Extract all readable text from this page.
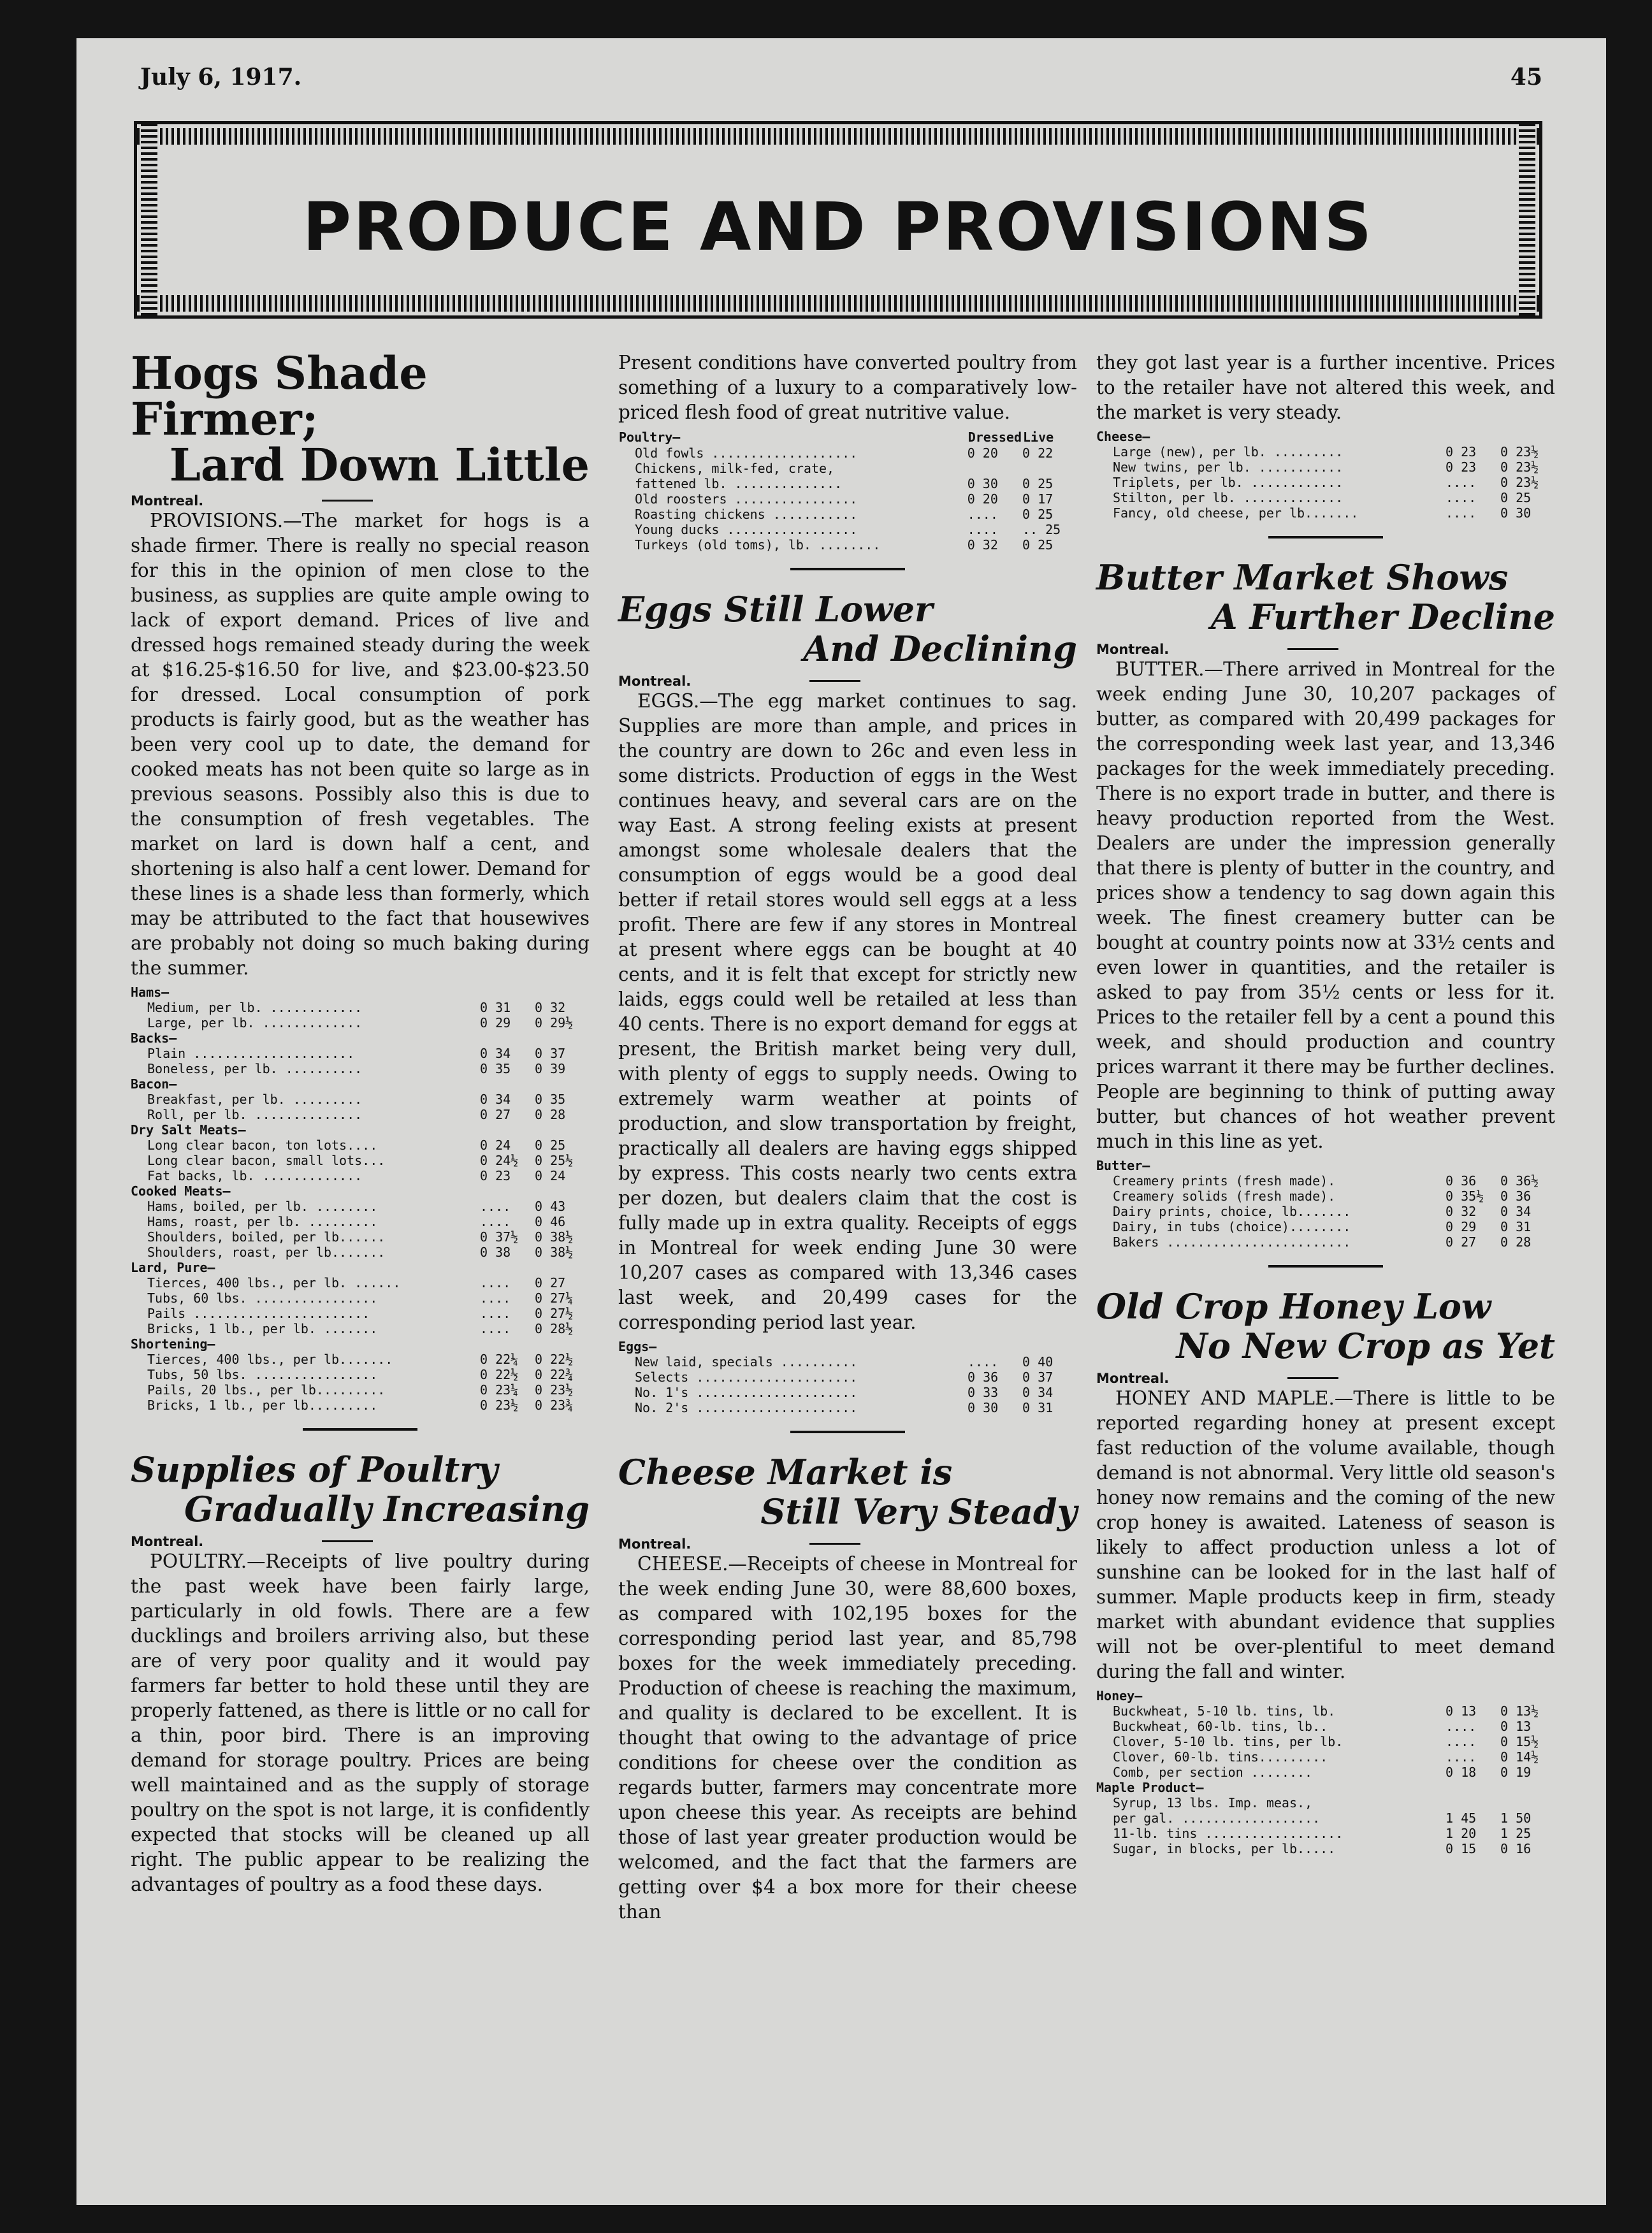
July 6, 1917.	45
PRODUCE AND PROVISIONS
Hogs Shade Firmer;
Lard Down Little
Montreal.

PROVISIONS.—The market for hogs is a shade firmer. There is really no special reason for this in the opinion of men close to the business, as supplies are quite ample owing to lack of export demand. Prices of live and dressed hogs remained steady during the week at $16.25-$16.50 for live, and $23.00-$23.50 for dressed. Local consumption of pork products is fairly good, but as the weather has been very cool up to date, the demand for cooked meats has not been quite so large as in previous seasons. Possibly also this is due to the consumption of fresh vegetables. The market on lard is down half a cent, and shortening is also half a cent lower. Demand for these lines is a shade less than formerly, which may be attributed to the fact that housewives are probably not doing so much baking during the summer.

Hams—		
Medium, per lb. ............	0 31	0 32
Large, per lb. .............	0 29	0 29½
Backs—		
Plain .....................	0 34	0 37
Boneless, per lb. ..........	0 35	0 39
Bacon—		
Breakfast, per lb. .........	0 34	0 35
Roll, per lb. ..............	0 27	0 28
Dry Salt Meats—		
Long clear bacon, ton lots....	0 24	0 25
Long clear bacon, small lots...	0 24½	0 25½
Fat backs, lb. .............	0 23	0 24
Cooked Meats—		
Hams, boiled, per lb. ........	....	0 43
Hams, roast, per lb. .........	....	0 46
Shoulders, boiled, per lb......	0 37½	0 38½
Shoulders, roast, per lb.......	0 38	0 38½
Lard, Pure—		
Tierces, 400 lbs., per lb. ......	....	0 27
Tubs, 60 lbs. ................	....	0 27¼
Pails .......................	....	0 27½
Bricks, 1 lb., per lb. .......	....	0 28½
Shortening—		
Tierces, 400 lbs., per lb.......	0 22¼	0 22½
Tubs, 50 lbs. ................	0 22½	0 22¾
Pails, 20 lbs., per lb.........	0 23¼	0 23½
Bricks, 1 lb., per lb.........	0 23½	0 23¾
Supplies of Poultry
Gradually Increasing
Montreal.

POULTRY.—Receipts of live poultry during the past week have been fairly large, particularly in old fowls. There are a few ducklings and broilers arriving also, but these are of very poor quality and it would pay farmers far better to hold these until they are properly fattened, as there is little or no call for a thin, poor bird. There is an improving demand for storage poultry. Prices are being well maintained and as the supply of storage poultry on the spot is not large, it is confidently expected that stocks will be cleaned up all right. The public appear to be realizing the advantages of poultry as a food these days.

Present conditions have converted poultry from something of a luxury to a comparatively low-priced flesh food of great nutritive value.

Poultry—	Dressed	Live
Old fowls ...................	0 20	0 22
Chickens, milk-fed, crate,		
fattened lb. ..............	0 30	0 25
Old roosters ................	0 20	0 17
Roasting chickens ...........	....	0 25
Young ducks .................	....	.. 25
Turkeys (old toms), lb. ........	0 32	0 25
Eggs Still Lower
And Declining
Montreal.

EGGS.—The egg market continues to sag. Supplies are more than ample, and prices in the country are down to 26c and even less in some districts. Production of eggs in the West continues heavy, and several cars are on the way East. A strong feeling exists at present amongst some wholesale dealers that the consumption of eggs would be a good deal better if retail stores would sell eggs at a less profit. There are few if any stores in Montreal at present where eggs can be bought at 40 cents, and it is felt that except for strictly new laids, eggs could well be retailed at less than 40 cents. There is no export demand for eggs at present, the British market being very dull, with plenty of eggs to supply needs. Owing to extremely warm weather at points of production, and slow transportation by freight, practically all dealers are having eggs shipped by express. This costs nearly two cents extra per dozen, but dealers claim that the cost is fully made up in extra quality. Receipts of eggs in Montreal for week ending June 30 were 10,207 cases as compared with 13,346 cases last week, and 20,499 cases for the corresponding period last year.

Eggs—		
New laid, specials ..........	....	0 40
Selects .....................	0 36	0 37
No. 1's .....................	0 33	0 34
No. 2's .....................	0 30	0 31
Cheese Market is
Still Very Steady
Montreal.

CHEESE.—Receipts of cheese in Montreal for the week ending June 30, were 88,600 boxes, as compared with 102,195 boxes for the corresponding period last year, and 85,798 boxes for the week immediately preceding. Production of cheese is reaching the maximum, and quality is declared to be excellent. It is thought that owing to the advantage of price conditions for cheese over the condition as regards butter, farmers may concentrate more upon cheese this year. As receipts are behind those of last year greater production would be welcomed, and the fact that the farmers are getting over $4 a box more for their cheese than

they got last year is a further incentive. Prices to the retailer have not altered this week, and the market is very steady.

Cheese—		
Large (new), per lb. .........	0 23	0 23½
New twins, per lb. ...........	0 23	0 23½
Triplets, per lb. ............	....	0 23½
Stilton, per lb. .............	....	0 25
Fancy, old cheese, per lb.......	....	0 30
Butter Market Shows
A Further Decline
Montreal.

BUTTER.—There arrived in Montreal for the week ending June 30, 10,207 packages of butter, as compared with 20,499 packages for the corresponding week last year, and 13,346 packages for the week immediately preceding. There is no export trade in butter, and there is heavy production reported from the West. Dealers are under the impression generally that there is plenty of butter in the country, and prices show a tendency to sag down again this week. The finest creamery butter can be bought at country points now at 33½ cents and even lower in quantities, and the retailer is asked to pay from 35½ cents or less for it. Prices to the retailer fell by a cent a pound this week, and should production and country prices warrant it there may be further declines. People are beginning to think of putting away butter, but chances of hot weather prevent much in this line as yet.

Butter—		
Creamery prints (fresh made).	0 36	0 36½
Creamery solids (fresh made).	0 35½	0 36
Dairy prints, choice, lb.......	0 32	0 34
Dairy, in tubs (choice)........	0 29	0 31
Bakers ........................	0 27	0 28
Old Crop Honey Low
No New Crop as Yet
Montreal.

HONEY AND MAPLE.—There is little to be reported regarding honey at present except fast reduction of the volume available, though demand is not abnormal. Very little old season's honey now remains and the coming of the new crop honey is awaited. Lateness of season is likely to affect production unless a lot of sunshine can be looked for in the last half of summer. Maple products keep in firm, steady market with abundant evidence that supplies will not be over-plentiful to meet demand during the fall and winter.

Honey—		
Buckwheat, 5-10 lb. tins, lb.	0 13	0 13½
Buckwheat, 60-lb. tins, lb..	....	0 13
Clover, 5-10 lb. tins, per lb.	....	0 15½
Clover, 60-lb. tins.........	....	0 14½
Comb, per section ........	0 18	0 19
Maple Product—		
Syrup, 13 lbs. Imp. meas.,		
per gal. ..................	1 45	1 50
11-lb. tins ..................	1 20	1 25
Sugar, in blocks, per lb.....	0 15	0 16
